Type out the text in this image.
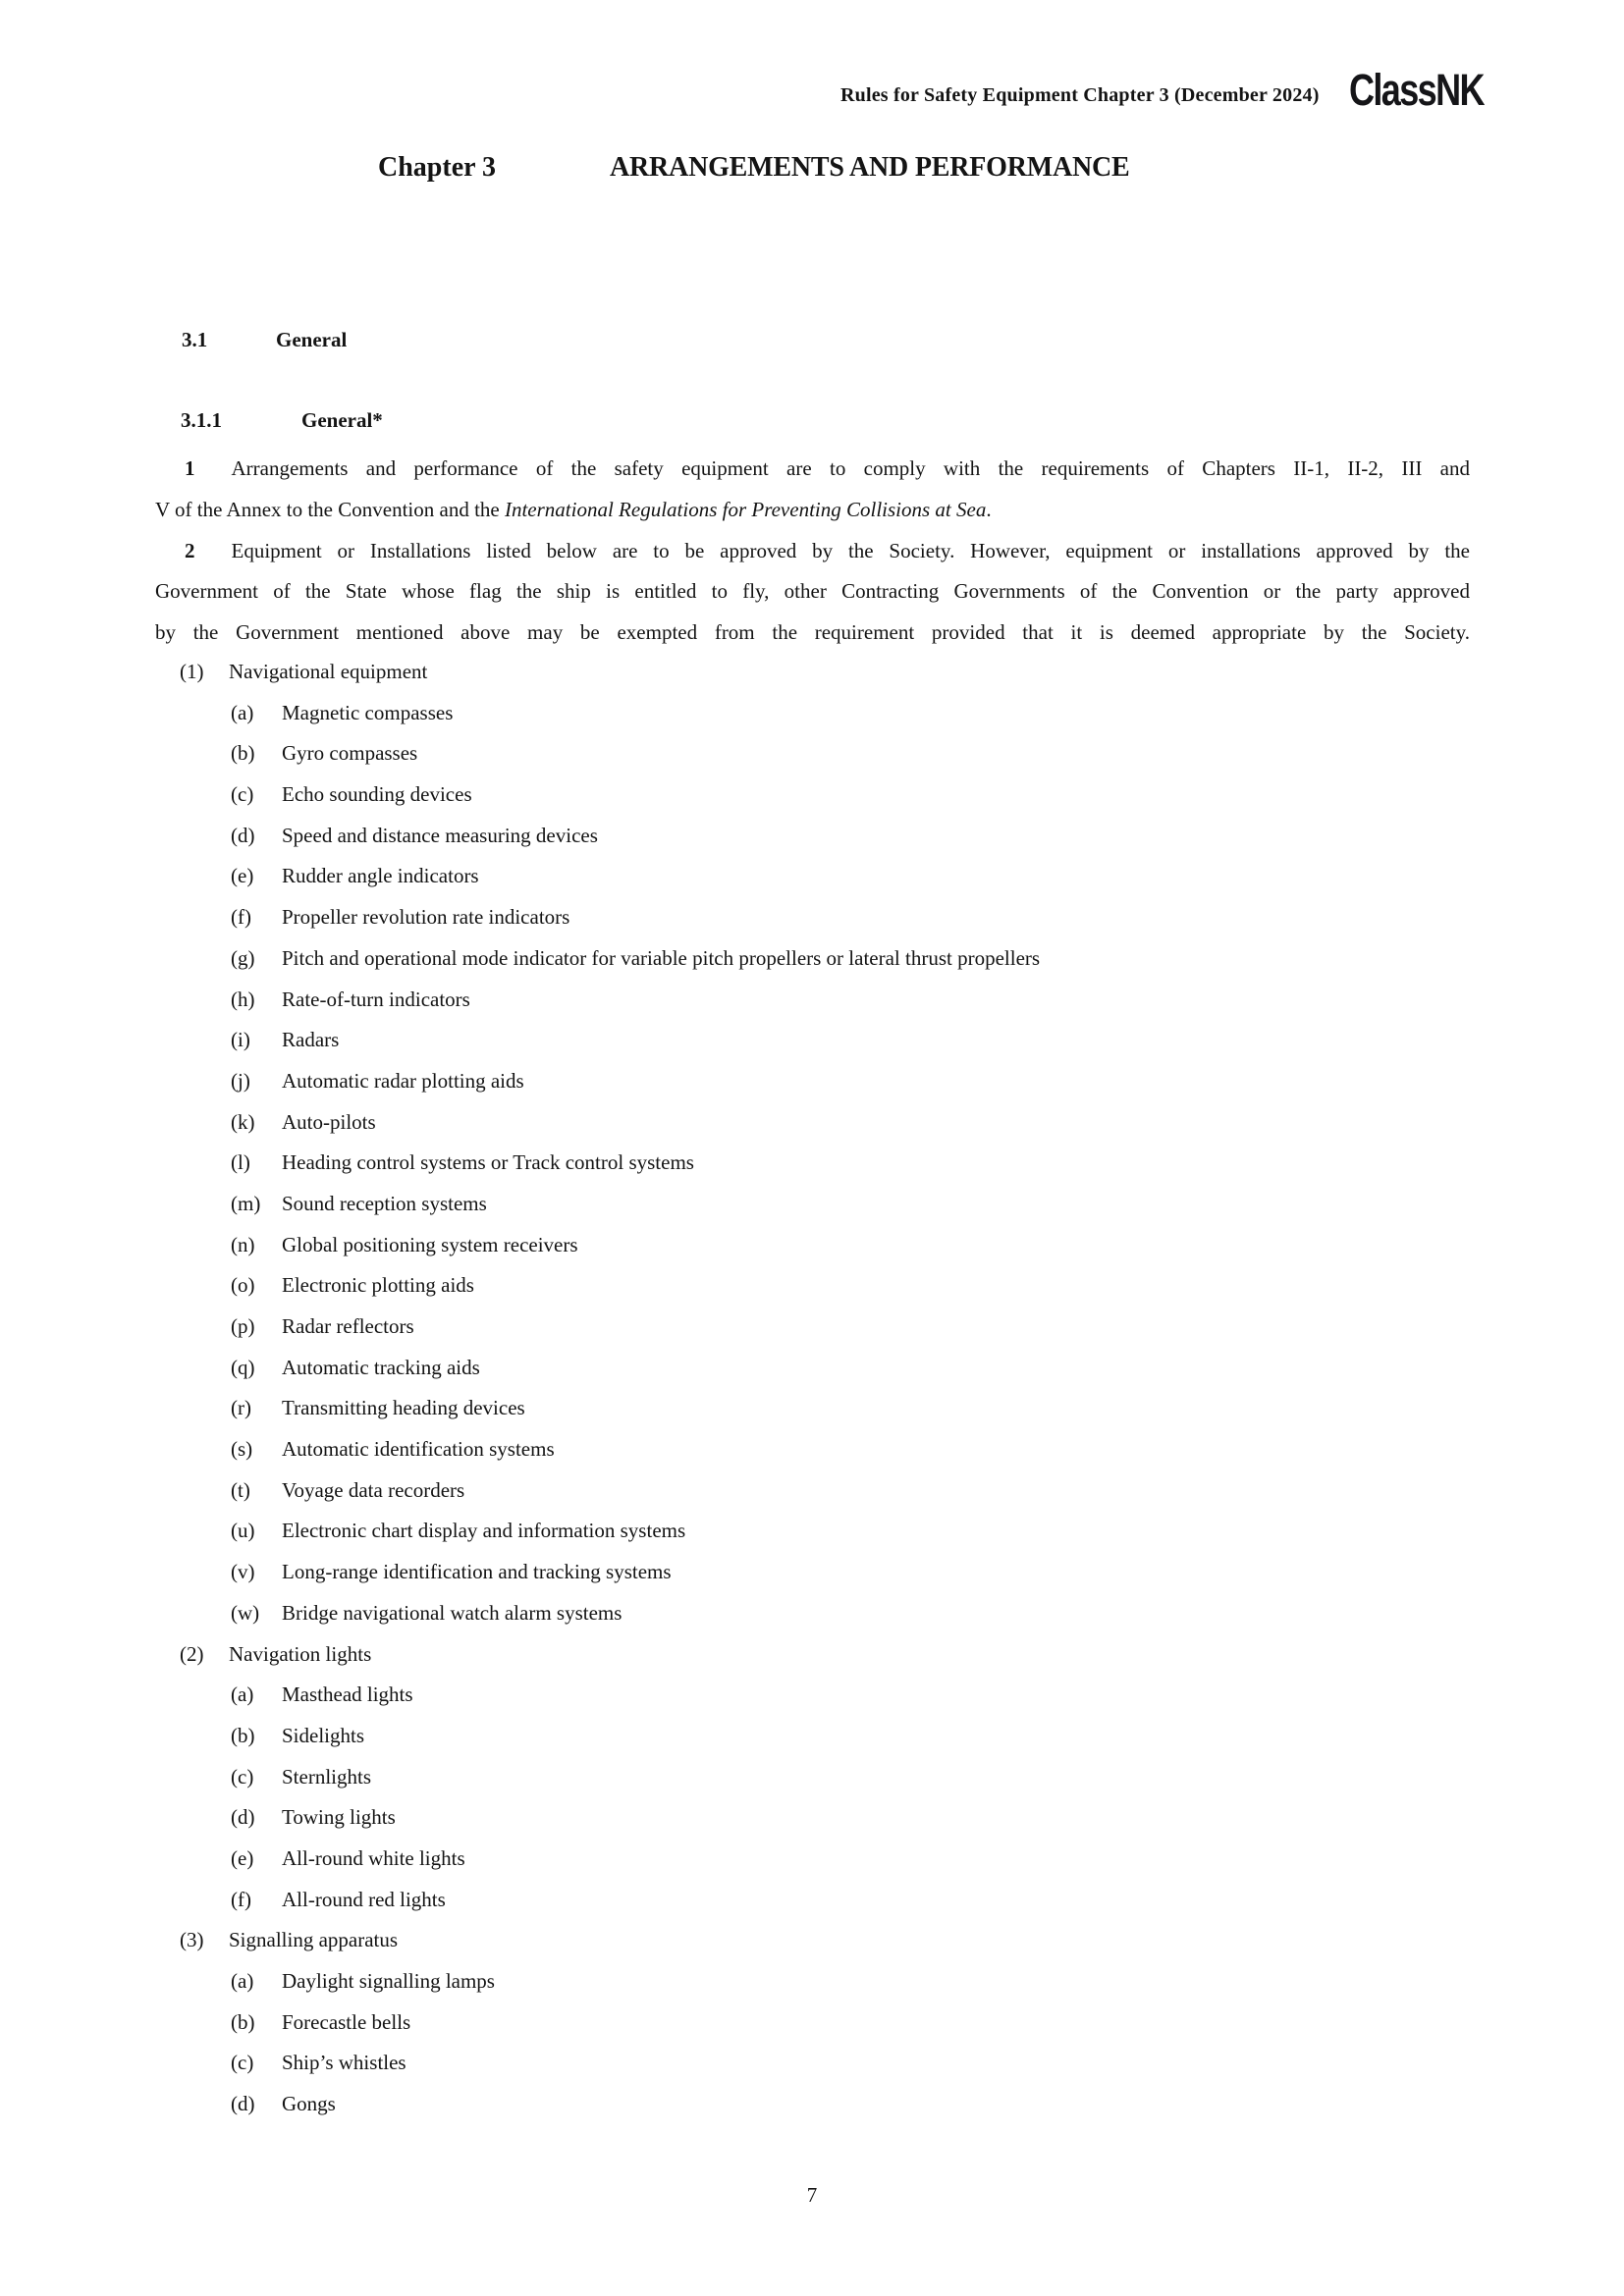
Rules for Safety Equipment Chapter 3 (December 2024) ClassNK
Chapter 3	ARRANGEMENTS AND PERFORMANCE
3.1	General
3.1.1	General*
1 Arrangements and performance of the safety equipment are to comply with the requirements of Chapters II-1, II-2, III and
V of the Annex to the Convention and the International Regulations for Preventing Collisions at Sea.
2 Equipment or Installations listed below are to be approved by the Society. However, equipment or installations approved by the
Government of the State whose flag the ship is entitled to fly, other Contracting Governments of the Convention or the party approved
by the Government mentioned above may be exempted from the requirement provided that it is deemed appropriate by the Society.
(1) Navigational equipment
(a) Magnetic compasses
(b) Gyro compasses
(c) Echo sounding devices
(d) Speed and distance measuring devices
(e) Rudder angle indicators
(f) Propeller revolution rate indicators
(g) Pitch and operational mode indicator for variable pitch propellers or lateral thrust propellers
(h) Rate-of-turn indicators
(i) Radars
(j) Automatic radar plotting aids
(k) Auto-pilots
(l) Heading control systems or Track control systems
(m) Sound reception systems
(n) Global positioning system receivers
(o) Electronic plotting aids
(p) Radar reflectors
(q) Automatic tracking aids
(r) Transmitting heading devices
(s) Automatic identification systems
(t) Voyage data recorders
(u) Electronic chart display and information systems
(v) Long-range identification and tracking systems
(w) Bridge navigational watch alarm systems
(2) Navigation lights
(a) Masthead lights
(b) Sidelights
(c) Sternlights
(d) Towing lights
(e) All-round white lights
(f) All-round red lights
(3) Signalling apparatus
(a) Daylight signalling lamps
(b) Forecastle bells
(c) Ship’s whistles
(d) Gongs
7
